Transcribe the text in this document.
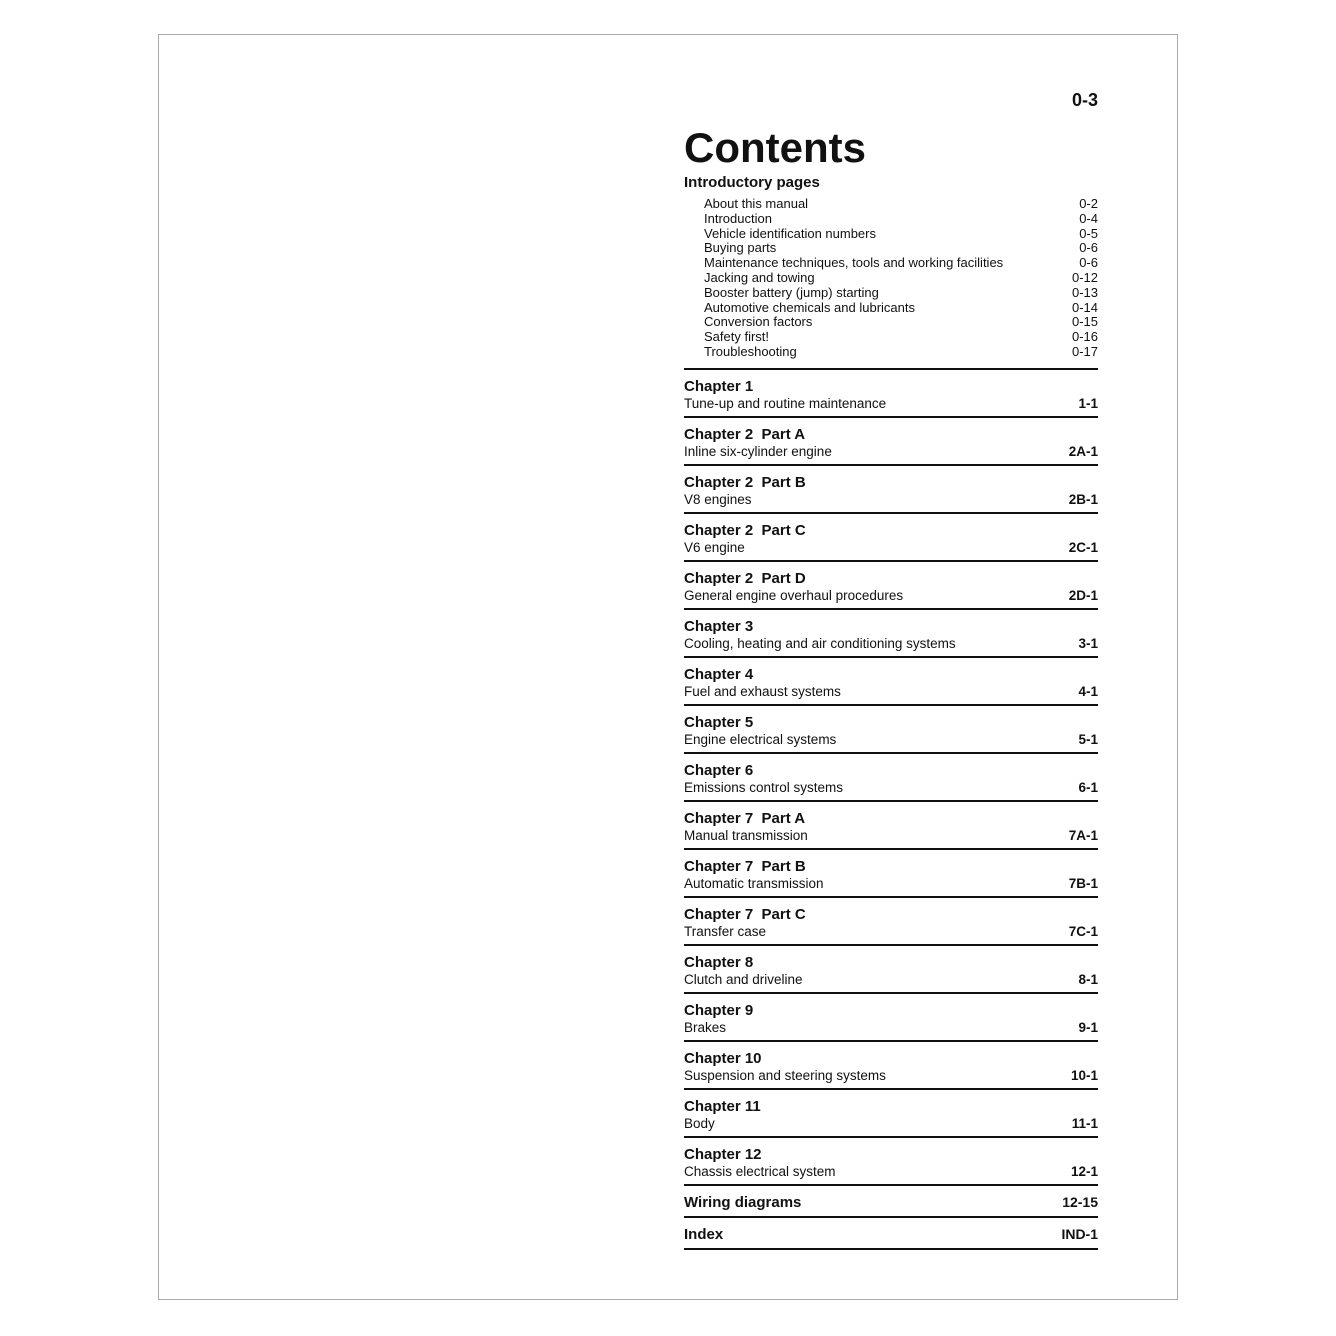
0-3
Contents
Introductory pages
About this manual	0-2
Introduction	0-4
Vehicle identification numbers	0-5
Buying parts	0-6
Maintenance techniques, tools and working facilities	0-6
Jacking and towing	0-12
Booster battery (jump) starting	0-13
Automotive chemicals and lubricants	0-14
Conversion factors	0-15
Safety first!	0-16
Troubleshooting	0-17
Chapter 1
Tune-up and routine maintenance	1-1
Chapter 2  Part A
Inline six-cylinder engine	2A-1
Chapter 2  Part B
V8 engines	2B-1
Chapter 2  Part C
V6 engine	2C-1
Chapter 2  Part D
General engine overhaul procedures	2D-1
Chapter 3
Cooling, heating and air conditioning systems	3-1
Chapter 4
Fuel and exhaust systems	4-1
Chapter 5
Engine electrical systems	5-1
Chapter 6
Emissions control systems	6-1
Chapter 7  Part A
Manual transmission	7A-1
Chapter 7  Part B
Automatic transmission	7B-1
Chapter 7  Part C
Transfer case	7C-1
Chapter 8
Clutch and driveline	8-1
Chapter 9
Brakes	9-1
Chapter 10
Suspension and steering systems	10-1
Chapter 11
Body	11-1
Chapter 12
Chassis electrical system	12-1
Wiring diagrams	12-15
Index	IND-1
